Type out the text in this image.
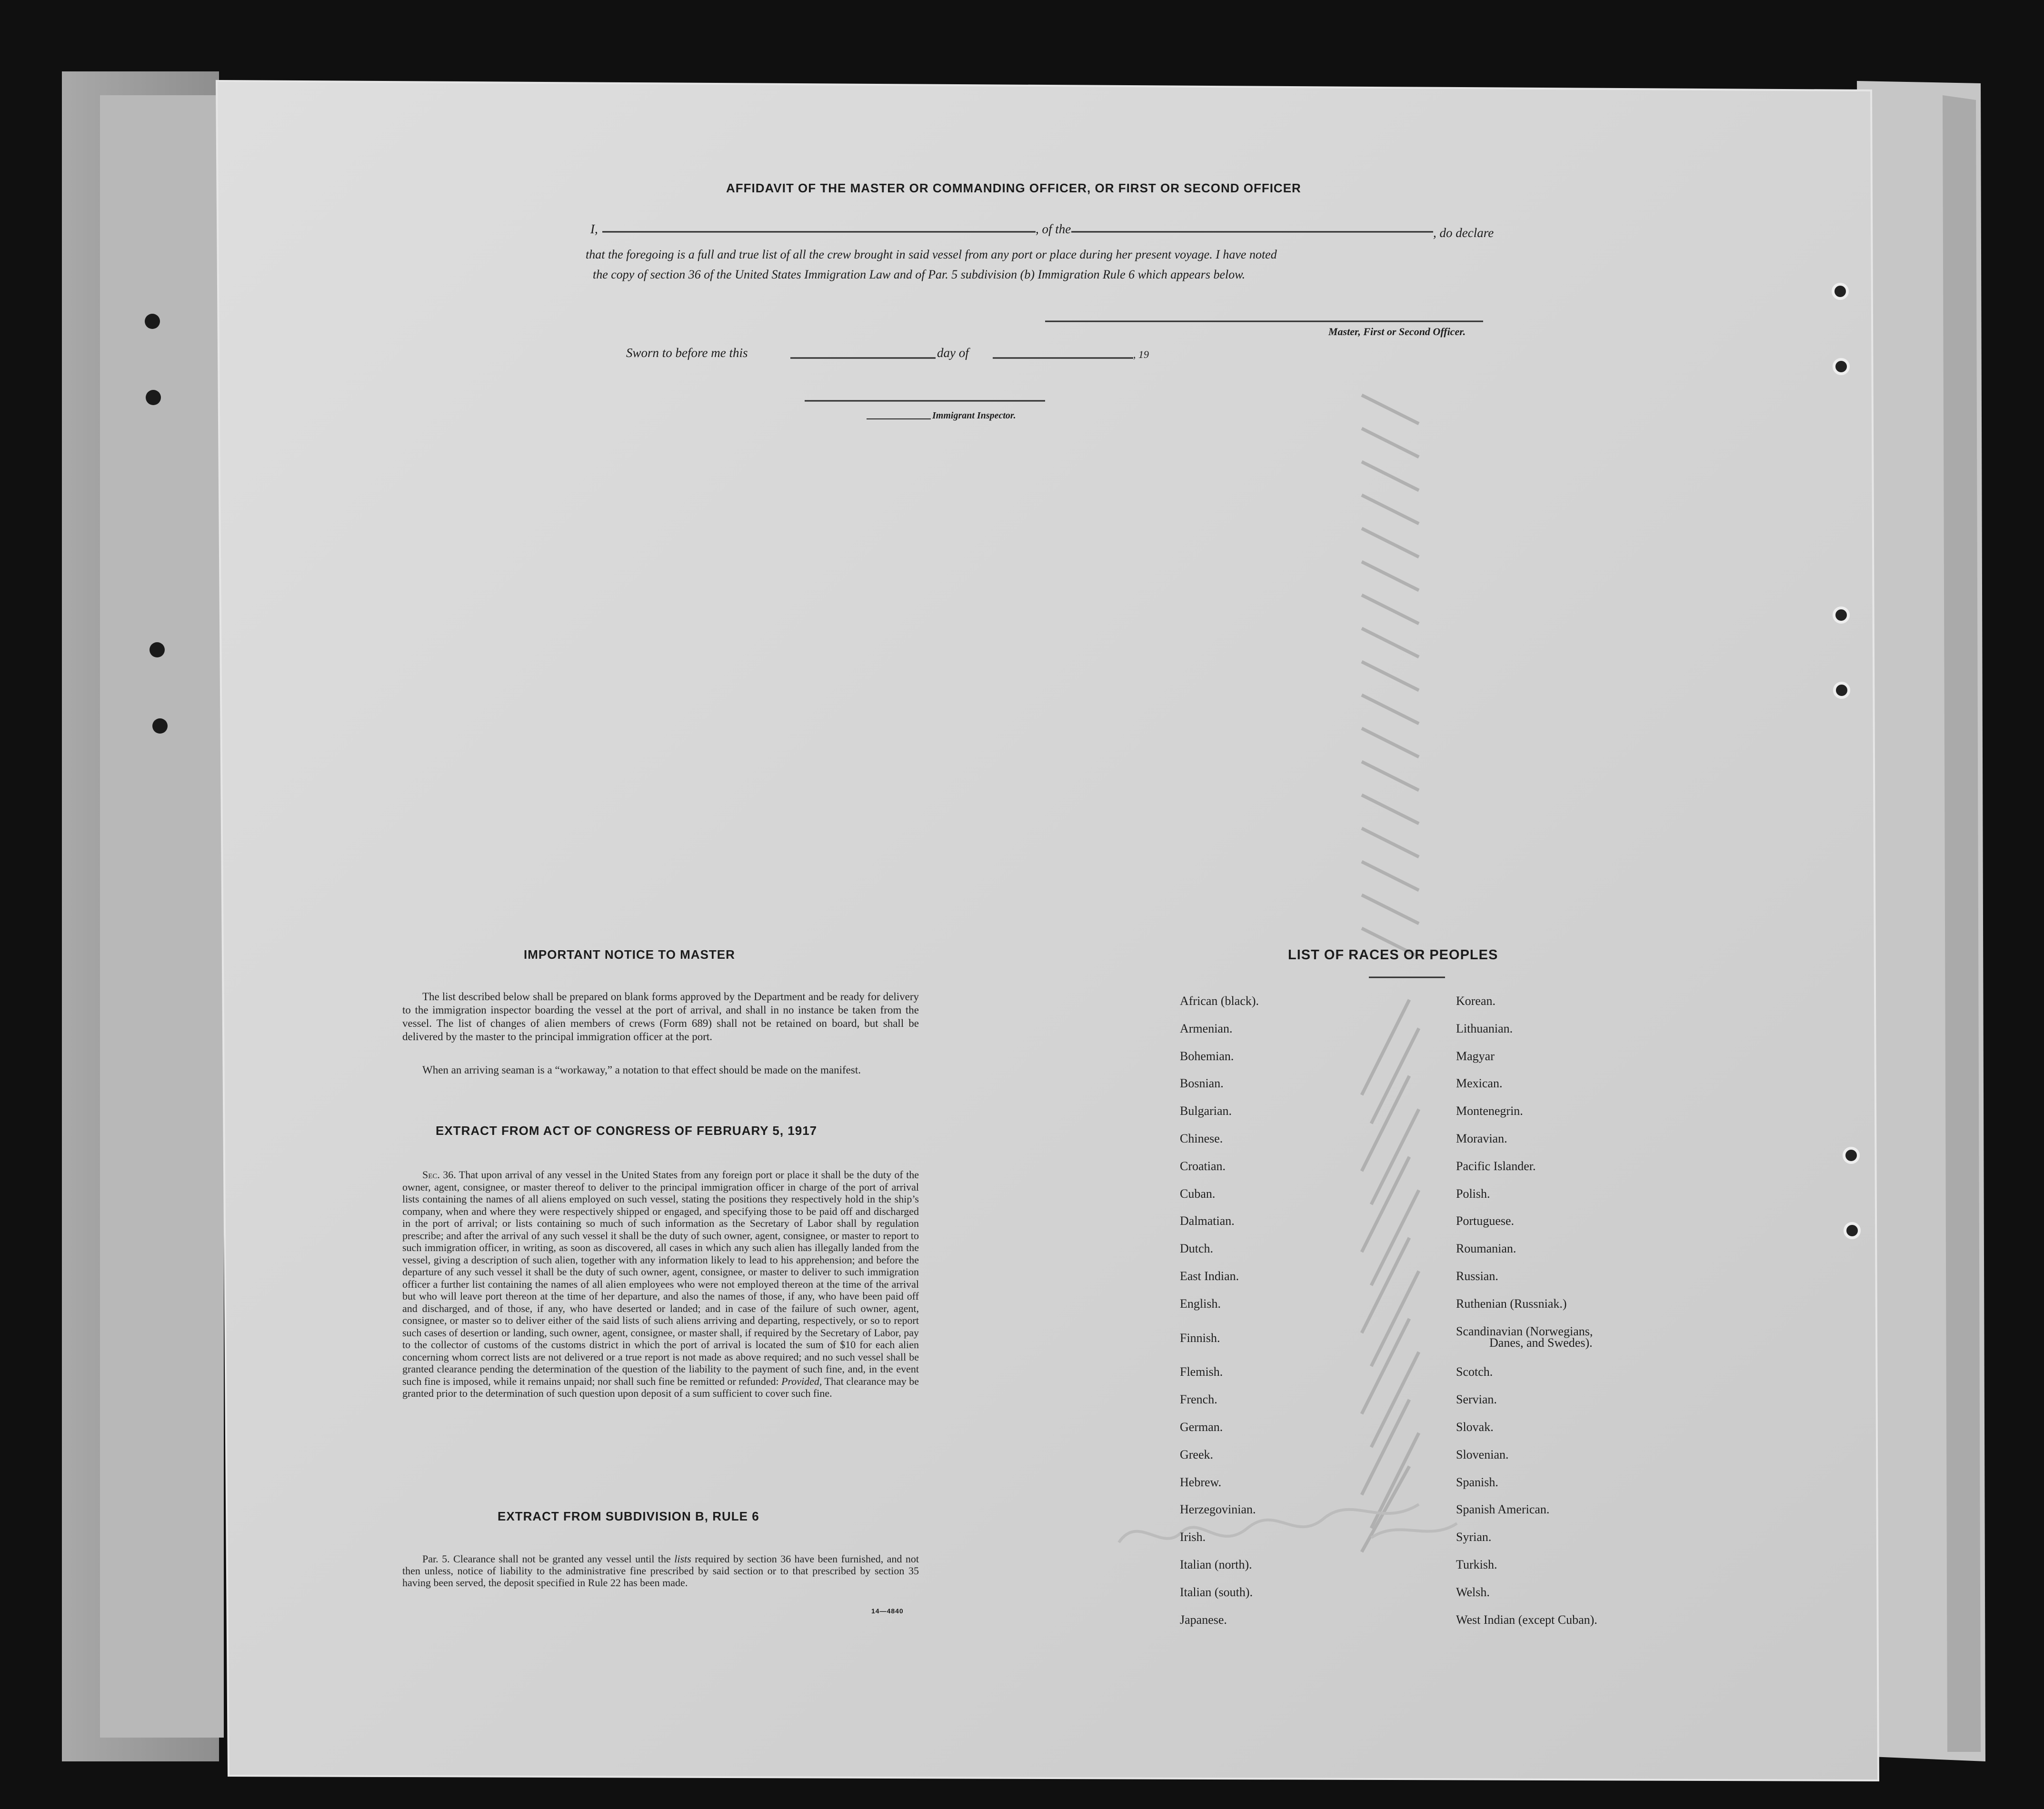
AFFIDAVIT OF THE MASTER OR COMMANDING OFFICER, OR FIRST OR SECOND OFFICER
I,	, of the	, do declare

that the foregoing is a full and true list of all the crew brought in said vessel from any port or place during her present voyage. I have noted

the copy of section 36 of the United States Immigration Law and of Par. 5 subdivision (b) Immigration Rule 6 which appears below.

Master, First or Second Officer.
Sworn to before me this	day of	, 19
Immigrant Inspector.
IMPORTANT NOTICE TO MASTER

The list described below shall be prepared on blank forms approved by the Department and be ready for delivery to the immigration inspector boarding the vessel at the port of arrival, and shall in no instance be taken from the vessel. The list of changes of alien members of crews (Form 689) shall not be retained on board, but shall be delivered by the master to the principal immigration officer at the port.

When an arriving seaman is a “workaway,” a notation to that effect should be made on the manifest.

EXTRACT FROM ACT OF CONGRESS OF FEBRUARY 5, 1917

Sec. 36. That upon arrival of any vessel in the United States from any foreign port or place it shall be the duty of the owner, agent, consignee, or master thereof to deliver to the principal immigration officer in charge of the port of arrival lists containing the names of all aliens employed on such vessel, stating the positions they respectively hold in the ship’s company, when and where they were respectively shipped or engaged, and specifying those to be paid off and discharged in the port of arrival; or lists containing so much of such information as the Secretary of Labor shall by regulation prescribe; and after the arrival of any such vessel it shall be the duty of such owner, agent, consignee, or master to report to such immigration officer, in writing, as soon as discovered, all cases in which any such alien has illegally landed from the vessel, giving a description of such alien, together with any information likely to lead to his apprehension; and before the departure of any such vessel it shall be the duty of such owner, agent, consignee, or master to deliver to such immigration officer a further list containing the names of all alien employees who were not employed thereon at the time of the arrival but who will leave port thereon at the time of her departure, and also the names of those, if any, who have been paid off and discharged, and of those, if any, who have deserted or landed; and in case of the failure of such owner, agent, consignee, or master so to deliver either of the said lists of such aliens arriving and departing, respectively, or so to report such cases of desertion or landing, such owner, agent, consignee, or master shall, if required by the Secretary of Labor, pay to the collector of customs of the customs district in which the port of arrival is located the sum of $10 for each alien concerning whom correct lists are not delivered or a true report is not made as above required; and no such vessel shall be granted clearance pending the determination of the question of the liability to the payment of such fine, and, in the event such fine is imposed, while it remains unpaid; nor shall such fine be remitted or refunded: Provided, That clearance may be granted prior to the determination of such question upon deposit of a sum sufficient to cover such fine.

EXTRACT FROM SUBDIVISION B, RULE 6

Par. 5. Clearance shall not be granted any vessel until the lists required by section 36 have been furnished, and not then unless, notice of liability to the administrative fine prescribed by said section or to that prescribed by section 35 having been served, the deposit specified in Rule 22 has been made.

14—4840
LIST OF RACES OR PEOPLES
African (black).
Armenian.
Bohemian.
Bosnian.
Bulgarian.
Chinese.
Croatian.
Cuban.
Dalmatian.
Dutch.
East Indian.
English.
Finnish.
Flemish.
French.
German.
Greek.
Hebrew.
Herzegovinian.
Irish.
Italian (north).
Italian (south).
Japanese.
Korean.
Lithuanian.
Magyar
Mexican.
Montenegrin.
Moravian.
Pacific Islander.
Polish.
Portuguese.
Roumanian.
Russian.
Ruthenian (Russniak.)
Scandinavian (Norwegians,
Danes, and Swedes).
Scotch.
Servian.
Slovak.
Slovenian.
Spanish.
Spanish American.
Syrian.
Turkish.
Welsh.
West Indian (except Cuban).
